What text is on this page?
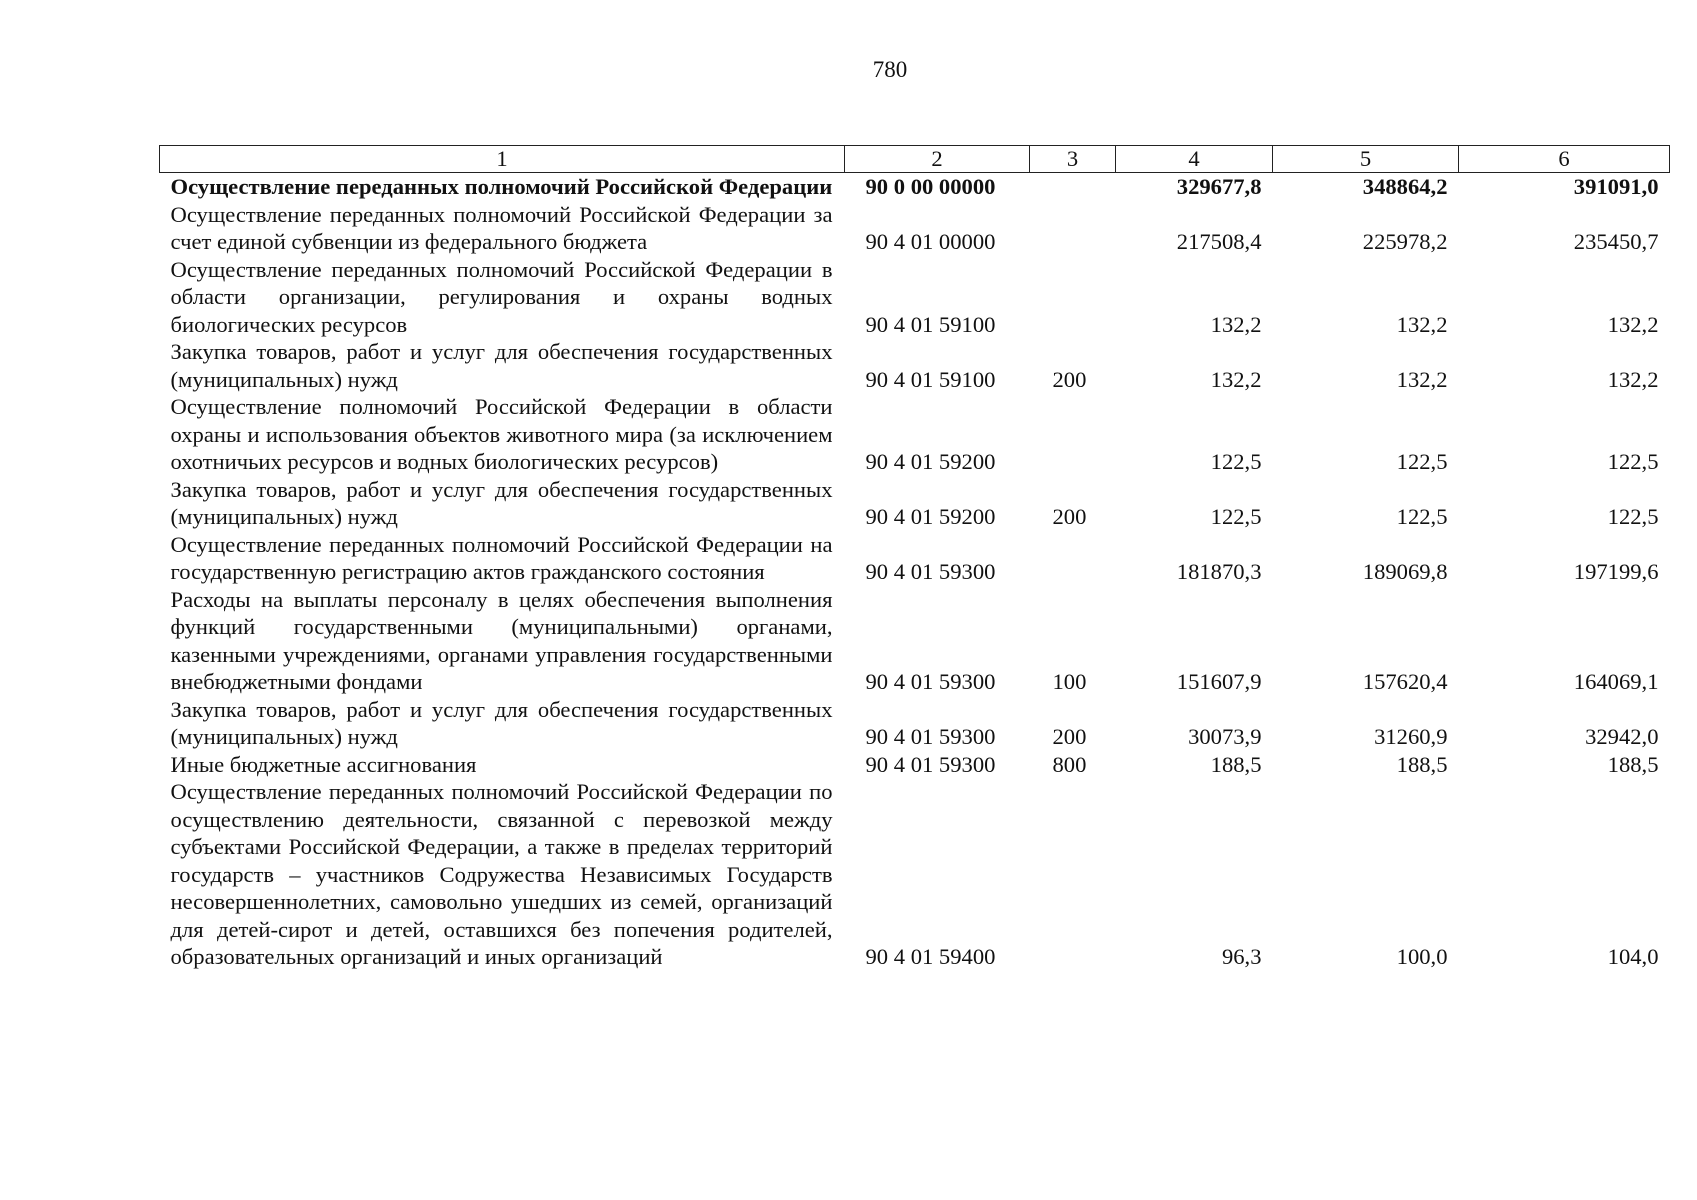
780
1	2	3	4	5	6
Осуществление переданных полномочий Российской Федерации	90 0 00 00000		329677,8	348864,2	391091,0
Осуществление переданных полномочий Российской Федерации за счет единой субвенции из федерального бюджета	90 4 01 00000		217508,4	225978,2	235450,7
Осуществление переданных полномочий Российской Федерации в области организации, регулирования и охраны водных биологических ресурсов	90 4 01 59100		132,2	132,2	132,2
Закупка товаров, работ и услуг для обеспечения государственных (муниципальных) нужд	90 4 01 59100	200	132,2	132,2	132,2
Осуществление полномочий Российской Федерации в области охраны и использования объектов животного мира (за исключением охотничьих ресурсов и водных биологических ресурсов)	90 4 01 59200		122,5	122,5	122,5
Закупка товаров, работ и услуг для обеспечения государственных (муниципальных) нужд	90 4 01 59200	200	122,5	122,5	122,5
Осуществление переданных полномочий Российской Федерации на государственную регистрацию актов гражданского состояния	90 4 01 59300		181870,3	189069,8	197199,6
Расходы на выплаты персоналу в целях обеспечения выполнения функций государственными (муниципальными) органами, казенными учреждениями, органами управления государственными внебюджетными фондами	90 4 01 59300	100	151607,9	157620,4	164069,1
Закупка товаров, работ и услуг для обеспечения государственных (муниципальных) нужд	90 4 01 59300	200	30073,9	31260,9	32942,0
Иные бюджетные ассигнования	90 4 01 59300	800	188,5	188,5	188,5
Осуществление переданных полномочий Российской Федерации по осуществлению деятельности, связанной с перевозкой между субъектами Российской Федерации, а также в пределах территорий государств – участников Содружества Независимых Государств несовершеннолетних, самовольно ушедших из семей, организаций для детей-сирот и детей, оставшихся без попечения родителей, образовательных организаций и иных организаций	90 4 01 59400		96,3	100,0	104,0
